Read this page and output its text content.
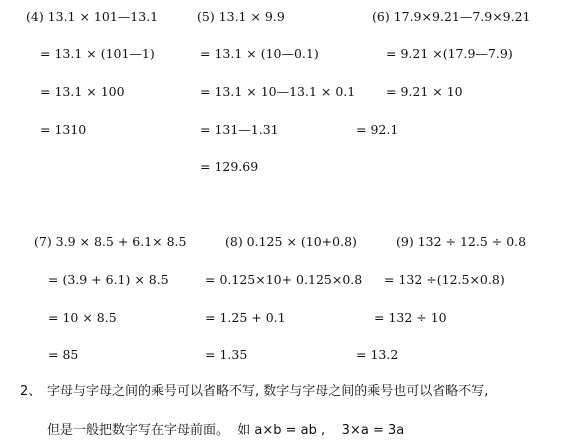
(4) 13.1 × 101—13.1
= 13.1 × (101—1)
= 13.1 × 100
= 1310
(5) 13.1 × 9.9
= 13.1 × (10—0.1)
= 13.1 × 10—13.1 × 0.1
= 131—1.31
= 129.69
(6) 17.9×9.21—7.9×9.21
= 9.21 ×(17.9—7.9)
= 9.21 × 10
= 92.1
(7) 3.9 × 8.5 + 6.1× 8.5
= (3.9 + 6.1) × 8.5
= 10 × 8.5
= 85
(8) 0.125 × (10+0.8)
= 0.125×10+ 0.125×0.8
= 1.25 + 0.1
= 1.35
(9) 132 ÷ 12.5 ÷ 0.8
= 132 ÷(12.5×0.8)
= 132 ÷ 10
= 13.2
2、 字母与字母之间的乘号可以省略不写, 数字与字母之间的乘号也可以省略不写,
但是一般把数字写在字母前面。  如 a×b = ab ,    3×a = 3a
